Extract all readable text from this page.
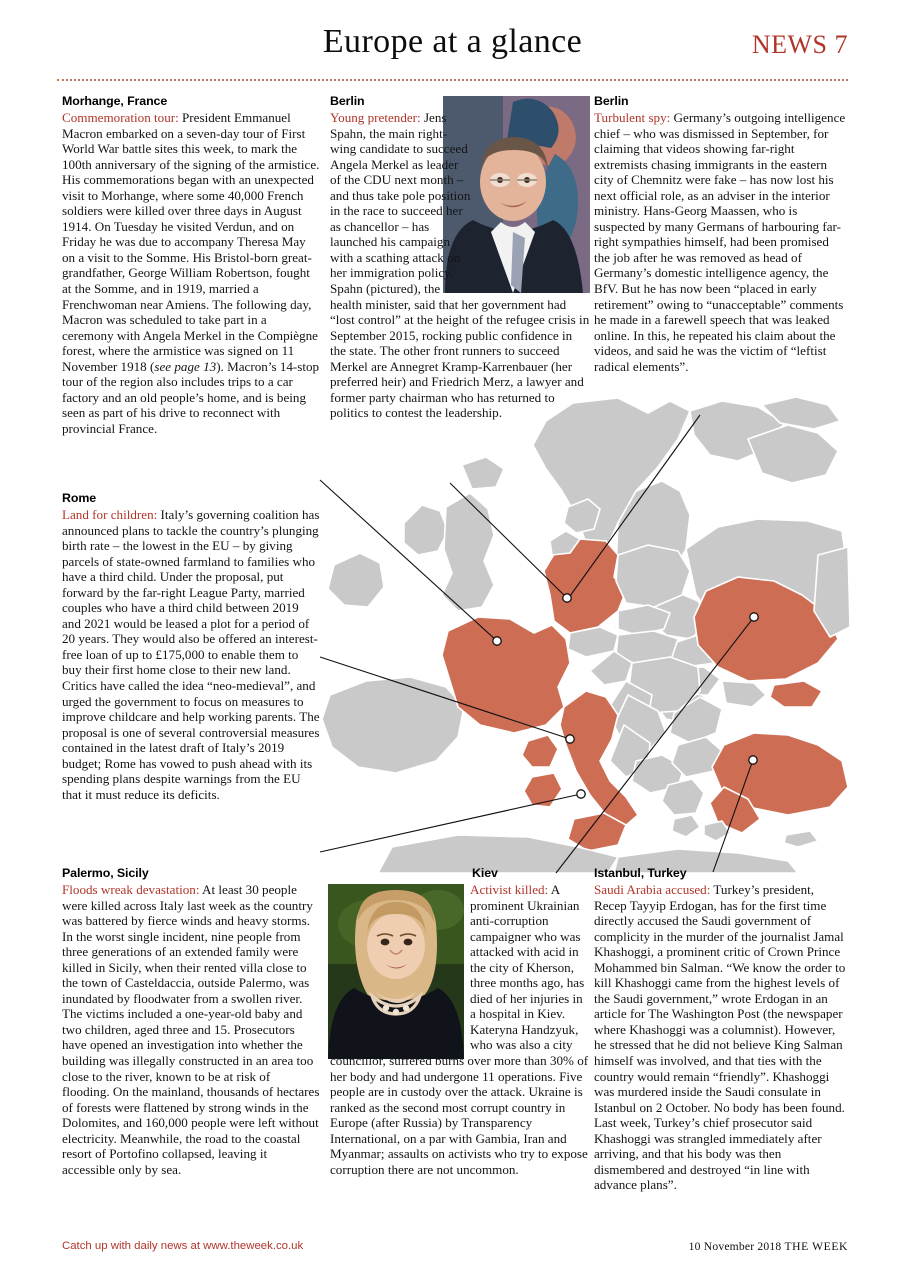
Europe at a glance	NEWS 7
Morhange, France

Commemoration tour: President Emmanuel Macron embarked on a seven-day tour of First World War battle sites this week, to mark the 100th anniversary of the signing of the armistice. His commemorations began with an unexpected visit to Morhange, where some 40,000 French soldiers were killed over three days in August 1914. On Tuesday he visited Verdun, and on Friday he was due to accompany Theresa May on a visit to the Somme. His Bristol-born great-grandfather, George William Robertson, fought at the Somme, and in 1919, married a Frenchwoman near Amiens. The following day, Macron was scheduled to take part in a ceremony with Angela Merkel in the Compiègne forest, where the armistice was signed on 11 November 1918 (see page 13). Macron’s 14-stop tour of the region also includes trips to a car factory and an old people’s home, and is being seen as part of his drive to reconnect with provincial France.

Rome

Land for children: Italy’s governing coalition has announced plans to tackle the country’s plunging birth rate – the lowest in the EU – by giving parcels of state-owned farmland to families who have a third child. Under the proposal, put forward by the far-right League Party, married couples who have a third child between 2019 and 2021 would be leased a plot for a period of 20 years. They would also be offered an interest-free loan of up to £175,000 to enable them to buy their first home close to their new land. Critics have called the idea “neo-medieval”, and urged the government to focus on measures to improve childcare and help working parents. The proposal is one of several controversial measures contained in the latest draft of Italy’s 2019 budget; Rome has vowed to push ahead with its spending plans despite warnings from the EU that it must reduce its deficits.

Palermo, Sicily

Floods wreak devastation: At least 30 people were killed across Italy last week as the country was battered by fierce winds and heavy storms. In the worst single incident, nine people from three generations of an extended family were killed in Sicily, when their rented villa close to the town of Casteldaccia, outside Palermo, was inundated by floodwater from a swollen river. The victims included a one-year-old baby and two children, aged three and 15. Prosecutors have opened an investigation into whether the building was illegally constructed in an area too close to the river, known to be at risk of flooding. On the mainland, thousands of hectares of forests were flattened by strong winds in the Dolomites, and 160,000 people were left without electricity. Meanwhile, the road to the coastal resort of Portofino collapsed, leaving it accessible only by sea.

Berlin

Young pretender: Jens Spahn, the main right-wing candidate to succeed Angela Merkel as leader of the CDU next month – and thus take pole position in the race to succeed her as chancellor – has launched his campaign with a scathing attack on her immigration policy. Spahn (pictured), the health minister, said that her government had “lost control” at the height of the refugee crisis in September 2015, rocking public confidence in the state. The other front runners to succeed Merkel are Annegret Kramp-Karrenbauer (her preferred heir) and Friedrich Merz, a lawyer and former party chairman who has returned to politics to contest the leadership.

Kiev

Activist killed: A prominent Ukrainian anti-corruption campaigner who was attacked with acid in the city of Kherson, three months ago, has died of her injuries in a hospital in Kiev. Kateryna Handzyuk, who was also a city councillor, suffered burns over more than 30% of her body and had undergone 11 operations. Five people are in custody over the attack. Ukraine is ranked as the second most corrupt country in Europe (after Russia) by Transparency International, on a par with Gambia, Iran and Myanmar; assaults on activists who try to expose corruption there are not uncommon.

Berlin

Turbulent spy: Germany’s outgoing intelligence chief – who was dismissed in September, for claiming that videos showing far-right extremists chasing immigrants in the eastern city of Chemnitz were fake – has now lost his next official role, as an adviser in the interior ministry. Hans-Georg Maassen, who is suspected by many Germans of harbouring far-right sympathies himself, had been promised the job after he was removed as head of Germany’s domestic intelligence agency, the BfV. But he has now been “placed in early retirement” owing to “unacceptable” comments he made in a farewell speech that was leaked online. In this, he repeated his claim about the videos, and said he was the victim of “leftist radical elements”.

Istanbul, Turkey

Saudi Arabia accused: Turkey’s president, Recep Tayyip Erdogan, has for the first time directly accused the Saudi government of complicity in the murder of the journalist Jamal Khashoggi, a prominent critic of Crown Prince Mohammed bin Salman. “We know the order to kill Khashoggi came from the highest levels of the Saudi government,” wrote Erdogan in an article for The Washington Post (the newspaper where Khashoggi was a columnist). However, he stressed that he did not believe King Salman himself was involved, and that ties with the country would remain “friendly”. Khashoggi was murdered inside the Saudi consulate in Istanbul on 2 October. No body has been found. Last week, Turkey’s chief prosecutor said Khashoggi was strangled immediately after arriving, and that his body was then dismembered and destroyed “in line with advance plans”.

Catch up with daily news at www.theweek.co.uk	10 November 2018 THE WEEK
